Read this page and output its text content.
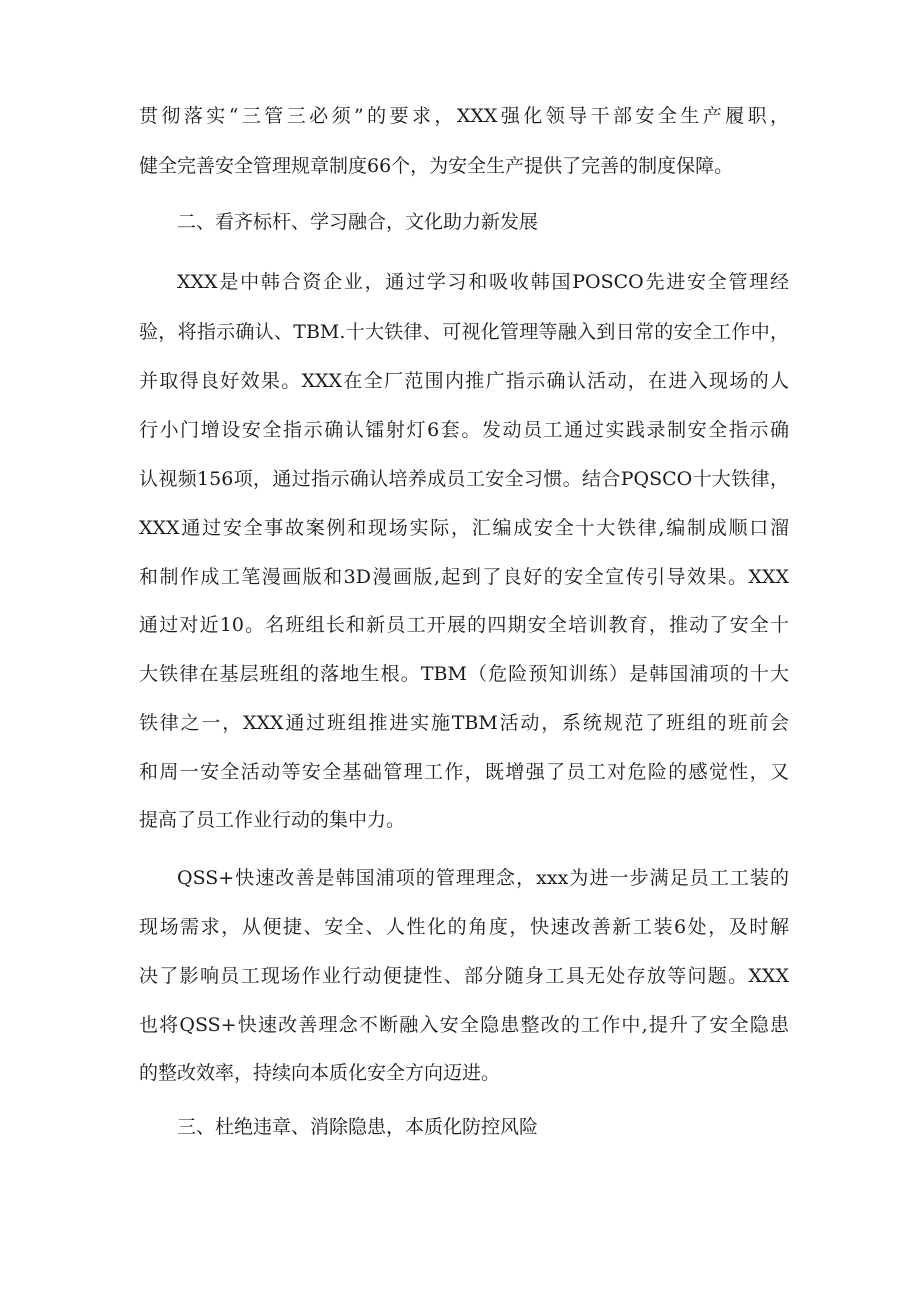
贯彻落实“三管三必须”的要求，XXX强化领导干部安全生产履职，
健全完善安全管理规章制度66个，为安全生产提供了完善的制度保障。
二、看齐标杆、学习融合，文化助力新发展
XXX是中韩合资企业，通过学习和吸收韩国POSCO先进安全管理经
验，将指示确认、TBM.十大铁律、可视化管理等融入到日常的安全工作中，
并取得良好效果。XXX在全厂范围内推广指示确认活动，在进入现场的人
行小门增设安全指示确认镭射灯6套。发动员工通过实践录制安全指示确
认视频156项，通过指示确认培养成员工安全习惯。结合PQSCO十大铁律，
XXX通过安全事故案例和现场实际，汇编成安全十大铁律,编制成顺口溜
和制作成工笔漫画版和3D漫画版,起到了良好的安全宣传引导效果。XXX
通过对近10。名班组长和新员工开展的四期安全培训教育，推动了安全十
大铁律在基层班组的落地生根。TBM（危险预知训练）是韩国浦项的十大
铁律之一，XXX通过班组推进实施TBM活动，系统规范了班组的班前会
和周一安全活动等安全基础管理工作，既增强了员工对危险的感觉性，又
提高了员工作业行动的集中力。
QSS+快速改善是韩国浦项的管理理念，xxx为进一步满足员工工装的
现场需求，从便捷、安全、人性化的角度，快速改善新工装6处，及时解
决了影响员工现场作业行动便捷性、部分随身工具无处存放等问题。XXX
也将QSS+快速改善理念不断融入安全隐患整改的工作中,提升了安全隐患
的整改效率，持续向本质化安全方向迈进。
三、杜绝违章、消除隐患，本质化防控风险
